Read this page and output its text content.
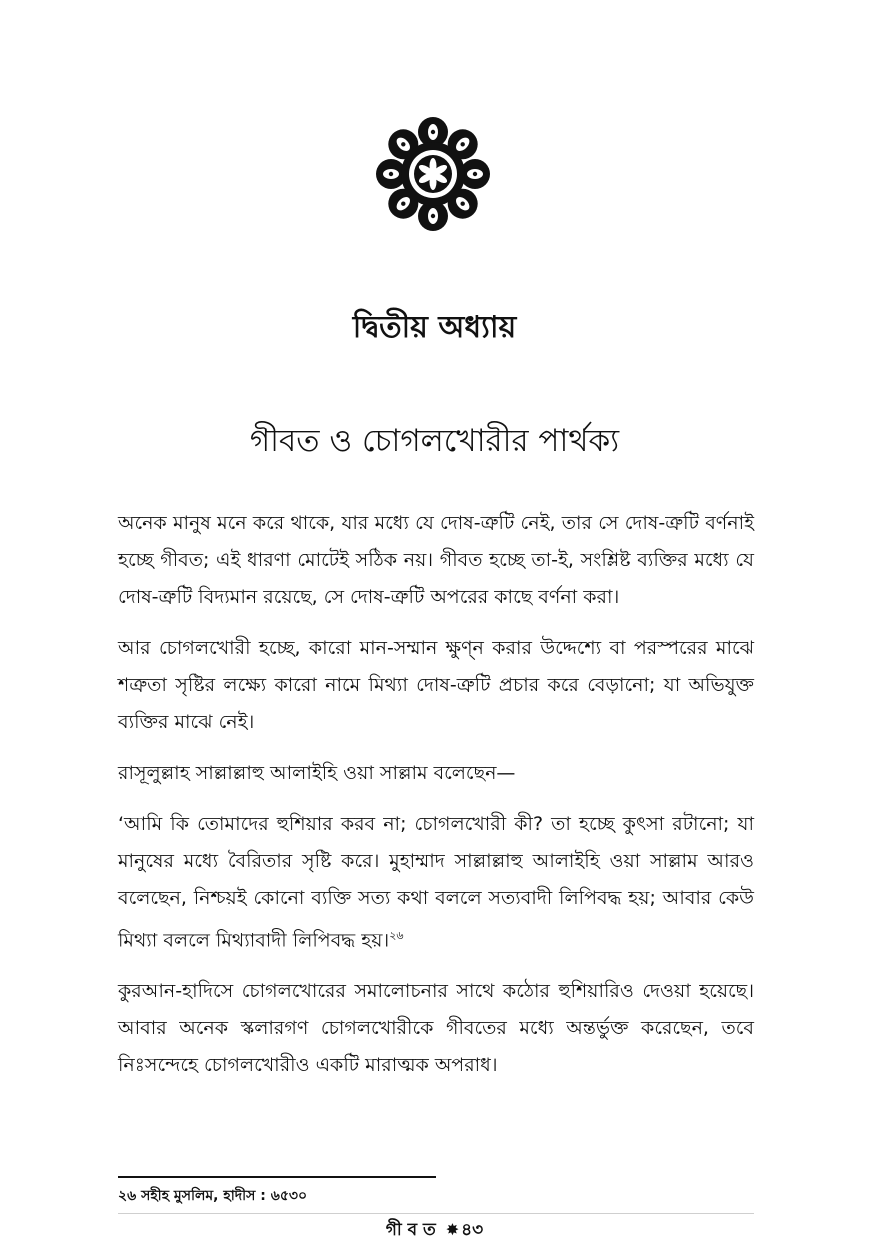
দ্বিতীয় অধ্যায়
গীবত ও চোগলখোরীর পার্থক্য

অনেক মানুষ মনে করে থাকে, যার মধ্যে যে দোষ-ত্রুটি নেই, তার সে দোষ-ত্রুটি বর্ণনাই হচ্ছে গীবত; এই ধারণা মোটেই সঠিক নয়। গীবত হচ্ছে তা-ই, সংশ্লিষ্ট ব্যক্তির মধ্যে যে দোষ-ত্রুটি বিদ্যমান রয়েছে, সে দোষ-ত্রুটি অপরের কাছে বর্ণনা করা।

আর চোগলখোরী হচ্ছে, কারো মান-সম্মান ক্ষুণ্ন করার উদ্দেশ্যে বা পরস্পরের মাঝে শত্রুতা সৃষ্টির লক্ষ্যে কারো নামে মিথ্যা দোষ-ত্রুটি প্রচার করে বেড়ানো; যা অভিযুক্ত ব্যক্তির মাঝে নেই।

রাসূলুল্লাহ সাল্লাল্লাহু আলাইহি ওয়া সাল্লাম বলেছেন—

‘আমি কি তোমাদের হুশিয়ার করব না; চোগলখোরী কী? তা হচ্ছে কুৎসা রটানো; যা মানুষের মধ্যে বৈরিতার সৃষ্টি করে। মুহাম্মাদ সাল্লাল্লাহু আলাইহি ওয়া সাল্লাম আরও বলেছেন, নিশ্চয়ই কোনো ব্যক্তি সত্য কথা বললে সত্যবাদী লিপিবদ্ধ হয়; আবার কেউ মিথ্যা বললে মিথ্যাবাদী লিপিবদ্ধ হয়।$^{২৬}$

কুরআন-হাদিসে চোগলখোরের সমালোচনার সাথে কঠোর হুশিয়ারিও দেওয়া হয়েছে। আবার অনেক স্কলারগণ চোগলখোরীকে গীবতের মধ্যে অন্তর্ভুক্ত করেছেন, তবে নিঃসন্দেহে চোগলখোরীও একটি মারাত্মক অপরাধ।

২৬ সহীহ মুসলিম, হাদীস : ৬৫৩০
গী ব ত ✸ ৪৩
